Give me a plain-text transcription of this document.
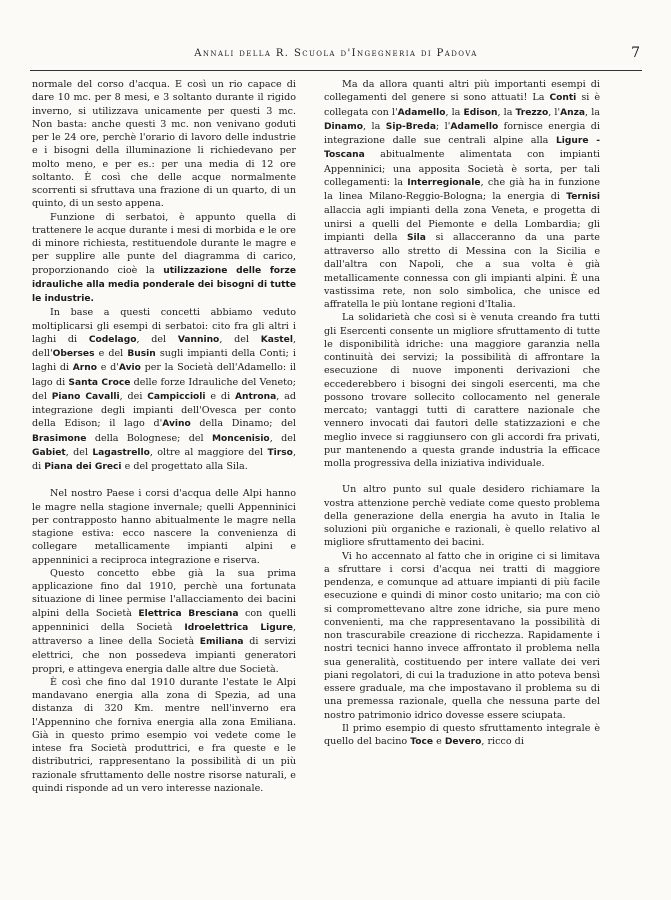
Annali della R. Scuola d'Ingegneria di Padova	7

normale del corso d'acqua. E così un rio capace di dare 10 mc. per 8 mesi, e 3 soltanto durante il rigido inverno, si utilizzava unicamente per questi 3 mc. Non basta: anche questi 3 mc. non venivano goduti per le 24 ore, perchè l'orario di lavoro delle industrie e i bisogni della illuminazione li richiedevano per molto meno, e per es.: per una media di 12 ore soltanto. È così che delle acque normalmente scorrenti si sfruttava una frazione di un quarto, di un quinto, di un sesto appena.

Funzione di serbatoi, è appunto quella di trattenere le acque durante i mesi di morbida e le ore di minore richiesta, restituendole durante le magre e per supplire alle punte del diagramma di carico, proporzionando cioè la utilizzazione delle forze idrauliche alla media ponderale dei bisogni di tutte le industrie.

In base a questi concetti abbiamo veduto moltiplicarsi gli esempi di serbatoi: cito fra gli altri i laghi di Codelago, del Vannino, del Kastel, dell'Oberses e del Busin sugli impianti della Conti; i laghi di Arno e d'Avio per la Società dell'Adamello: il lago di Santa Croce delle forze Idrauliche del Veneto; del Piano Cavalli, dei Campiccioli e di Antrona, ad integrazione degli impianti dell'Ovesca per conto della Edison; il lago d'Avino della Dinamo; del Brasimone della Bolognese; del Moncenisio, del Gabiet, del Lagastrello, oltre al maggiore del Tirso, di Piana dei Greci e del progettato alla Sila.

Nel nostro Paese i corsi d'acqua delle Alpi hanno le magre nella stagione invernale; quelli Appenninici per contrapposto hanno abitualmente le magre nella stagione estiva: ecco nascere la convenienza di collegare metallicamente impianti alpini e appenninici a reciproca integrazione e riserva.

Questo concetto ebbe già la sua prima applicazione fino dal 1910, perchè una fortunata situazione di linee permise l'allacciamento dei bacini alpini della Società Elettrica Bresciana con quelli appenninici della Società Idroelettrica Ligure, attraverso a linee della Società Emiliana di servizi elettrici, che non possedeva impianti generatori propri, e attingeva energia dalle altre due Società.

È così che fino dal 1910 durante l'estate le Alpi mandavano energia alla zona di Spezia, ad una distanza di 320 Km. mentre nell'inverno era l'Appennino che forniva energia alla zona Emiliana. Già in questo primo esempio voi vedete come le intese fra Società produttrici, e fra queste e le distributrici, rappresentano la possibilità di un più razionale sfruttamento delle nostre risorse naturali, e quindi risponde ad un vero interesse nazionale.

Ma da allora quanti altri più importanti esempi di collegamenti del genere si sono attuati! La Conti si è collegata con l'Adamello, la Edison, la Trezzo, l'Anza, la Dinamo, la Sip-Breda; l'Adamello fornisce energia di integrazione dalle sue centrali alpine alla Ligure - Toscana abitualmente alimentata con impianti Appenninici; una apposita Società è sorta, per tali collegamenti: la Interregionale, che già ha in funzione la linea Milano-Reggio-Bologna; la energia di Ternisi allaccia agli impianti della zona Veneta, e progetta di unirsi a quelli del Piemonte e della Lombardia; gli impianti della Sila si allacceranno da una parte attraverso allo stretto di Messina con la Sicilia e dall'altra con Napoli, che a sua volta è già metallicamente connessa con gli impianti alpini. È una vastissima rete, non solo simbolica, che unisce ed affratella le più lontane regioni d'Italia.

La solidarietà che così si è venuta creando fra tutti gli Esercenti consente un migliore sfruttamento di tutte le disponibilità idriche: una maggiore garanzia nella continuità dei servizi; la possibilità di affrontare la esecuzione di nuove imponenti derivazioni che eccederebbero i bisogni dei singoli esercenti, ma che possono trovare sollecito collocamento nel generale mercato; vantaggi tutti di carattere nazionale che vennero invocati dai fautori delle statizzazioni e che meglio invece si raggiunsero con gli accordi fra privati, pur mantenendo a questa grande industria la efficace molla progressiva della iniziativa individuale.

Un altro punto sul quale desidero richiamare la vostra attenzione perchè vediate come questo problema della generazione della energia ha avuto in Italia le soluzioni più organiche e razionali, è quello relativo al migliore sfruttamento dei bacini.

Vi ho accennato al fatto che in origine ci si limitava a sfruttare i corsi d'acqua nei tratti di maggiore pendenza, e comunque ad attuare impianti di più facile esecuzione e quindi di minor costo unitario; ma con ciò si compromettevano altre zone idriche, sia pure meno convenienti, ma che rappresentavano la possibilità di non trascurabile creazione di ricchezza. Rapidamente i nostri tecnici hanno invece affrontato il problema nella sua generalità, costituendo per intere vallate dei veri piani regolatori, di cui la traduzione in atto poteva bensì essere graduale, ma che impostavano il problema su di una premessa razionale, quella che nessuna parte del nostro patrimonio idrico dovesse essere sciupata.

Il primo esempio di questo sfruttamento integrale è quello del bacino Toce e Devero, ricco di
